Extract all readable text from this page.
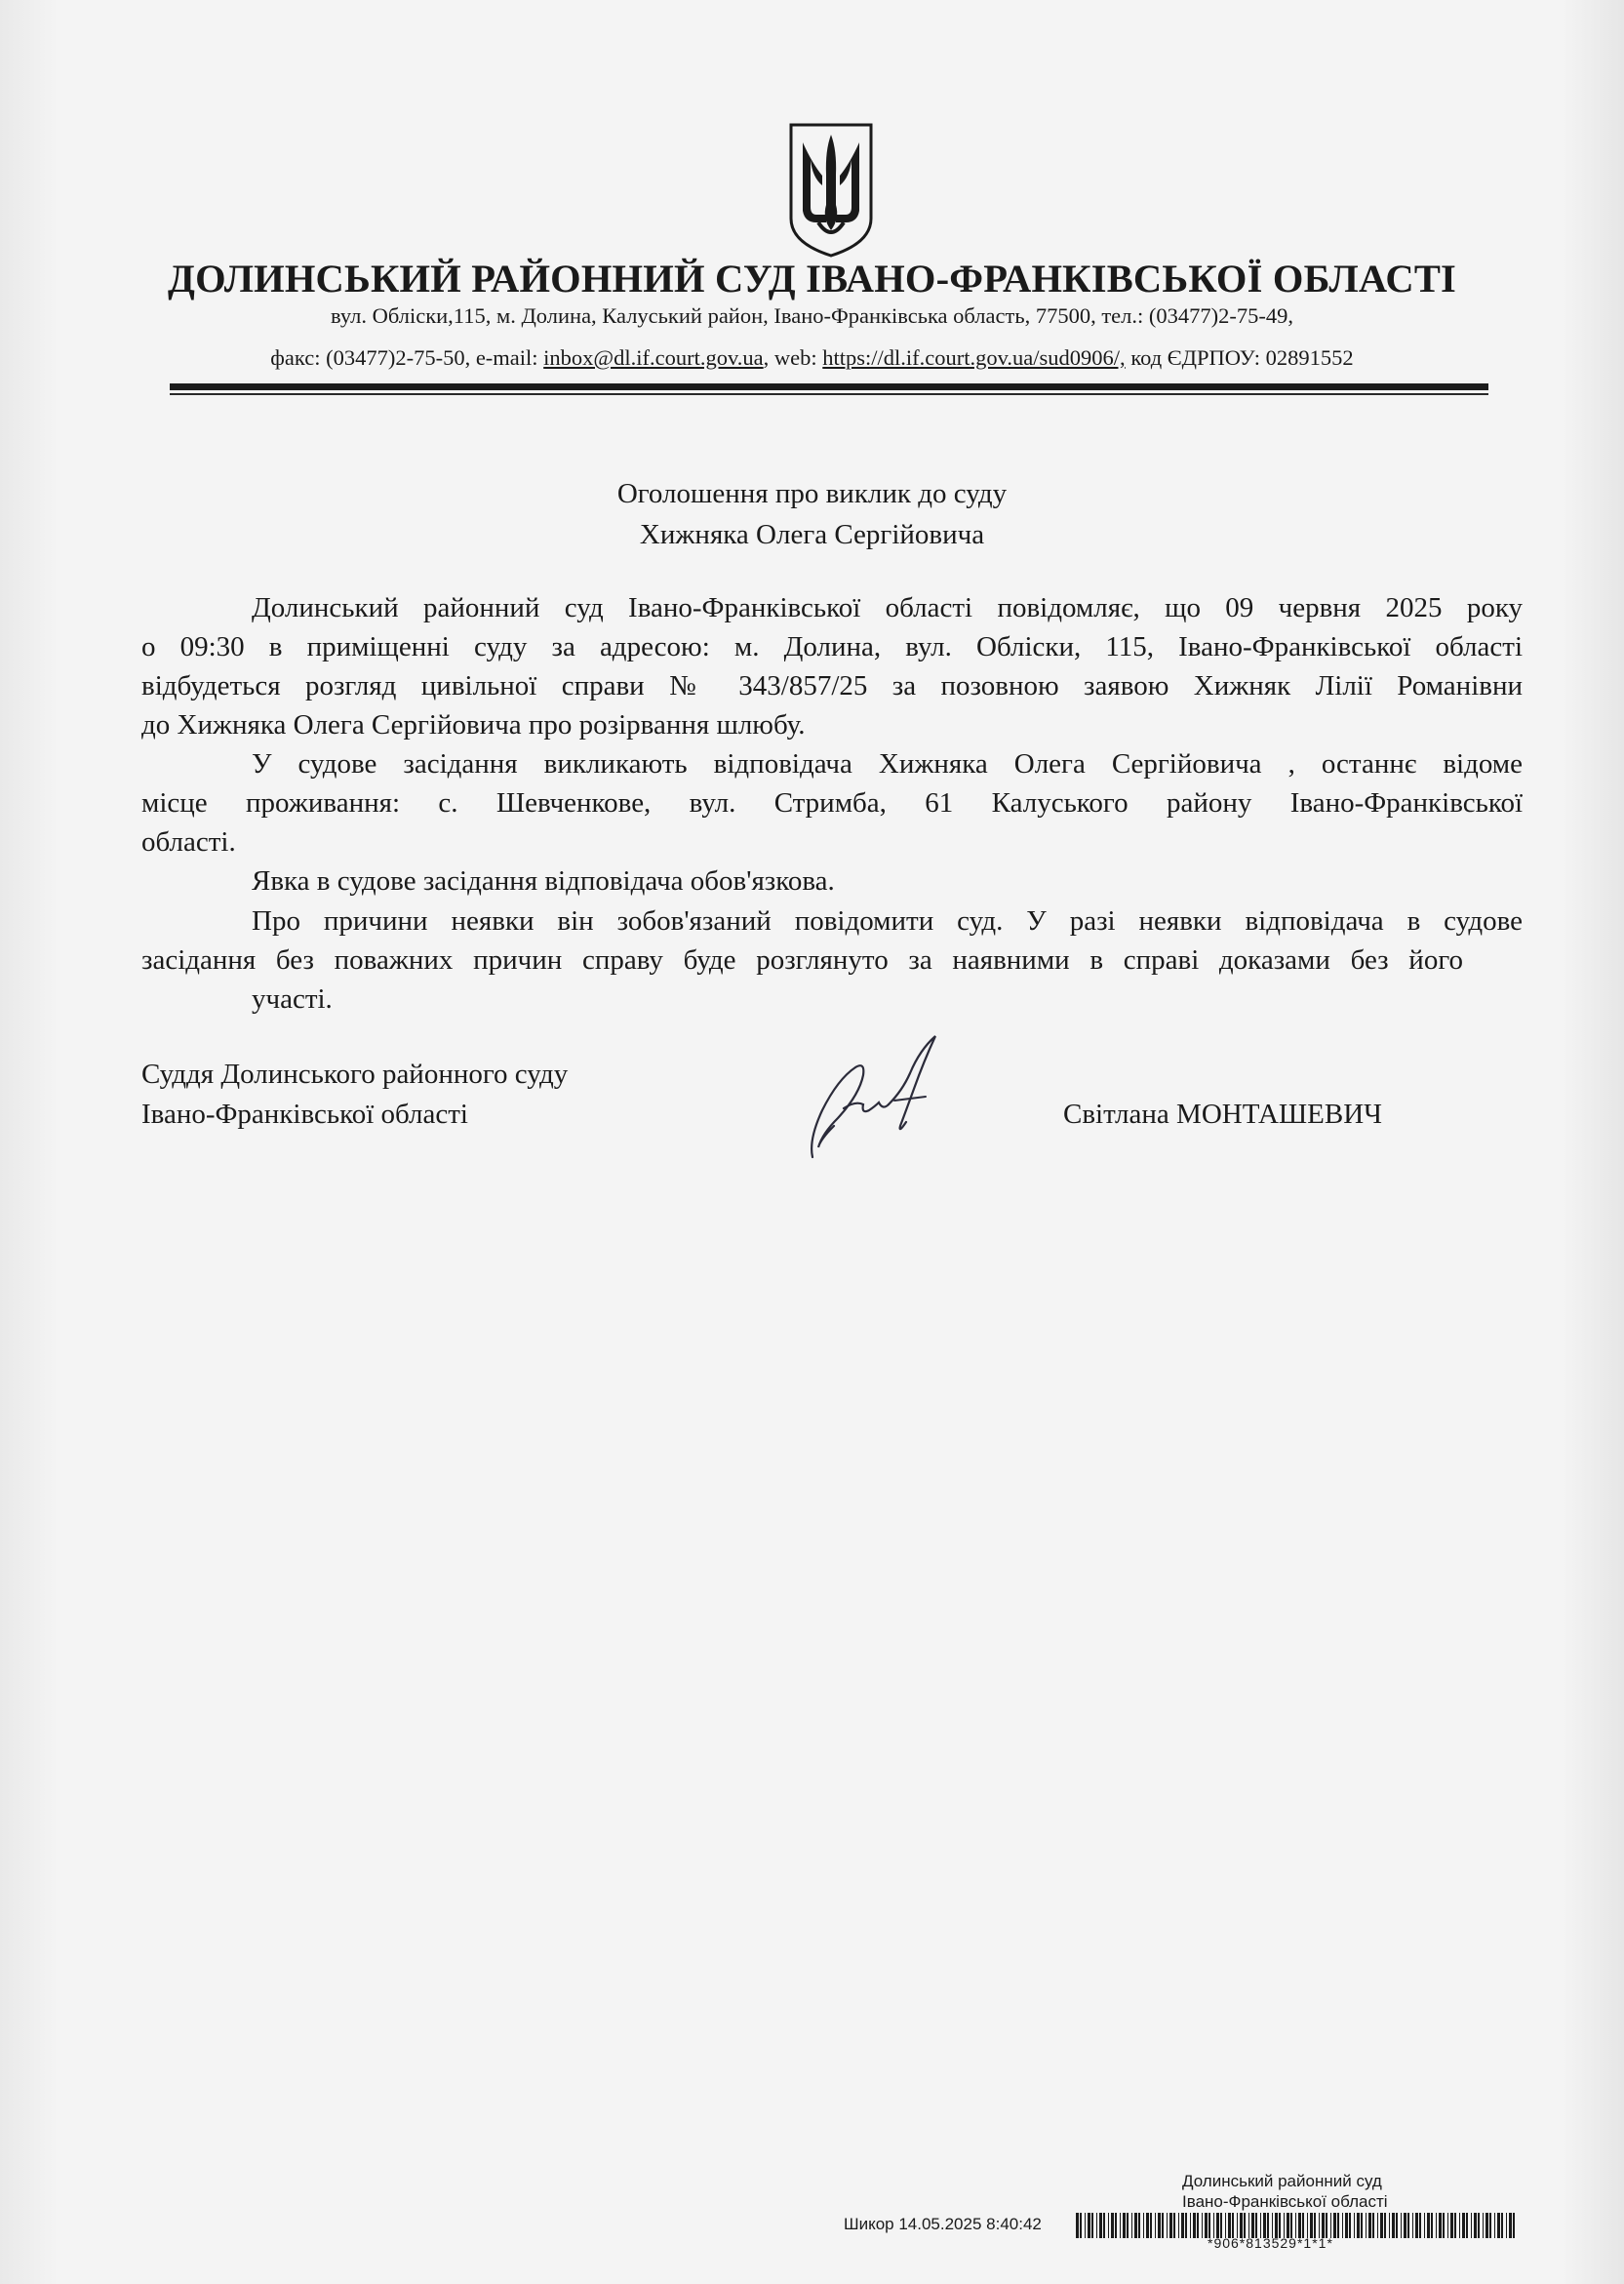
ДОЛИНСЬКИЙ РАЙОННИЙ СУД ІВАНО-ФРАНКІВСЬКОЇ ОБЛАСТІ
вул. Обліски,115, м. Долина, Калуський район, Івано-Франківська область, 77500, тел.: (03477)2-75-49,
факс: (03477)2-75-50, e-mail: inbox@dl.if.court.gov.ua, web: https://dl.if.court.gov.ua/sud0906/, код ЄДРПОУ: 02891552
Оголошення про виклик до суду
Хижняка Олега Сергійовича
Долинський районний суд Івано-Франківської області повідомляє, що 09 червня 2025 року
о 09:30 в приміщенні суду за адресою: м. Долина, вул. Обліски, 115, Івано-Франківської області
відбудеться розгляд цивільної справи № 343/857/25 за позовною заявою Хижняк Лілії Романівни
до Хижняка Олега Сергійовича про розірвання шлюбу.
У судове засідання викликають відповідача Хижняка Олега Сергійовича , останнє відоме
місце проживання: с. Шевченкове, вул. Стримба, 61 Калуського району Івано-Франківської
області.
Явка в судове засідання відповідача обов'язкова.
Про причини неявки він зобов'язаний повідомити суд. У разі неявки відповідача в судове
засідання без поважних причин справу буде розглянуто за наявними в справі доказами без його
участі.
Суддя Долинського районного суду
Івано-Франківської області	Світлана МОНТАШЕВИЧ
Долинський районний суд
Івано-Франківської області
Шикор 14.05.2025 8:40:42
*906*813529*1*1*
